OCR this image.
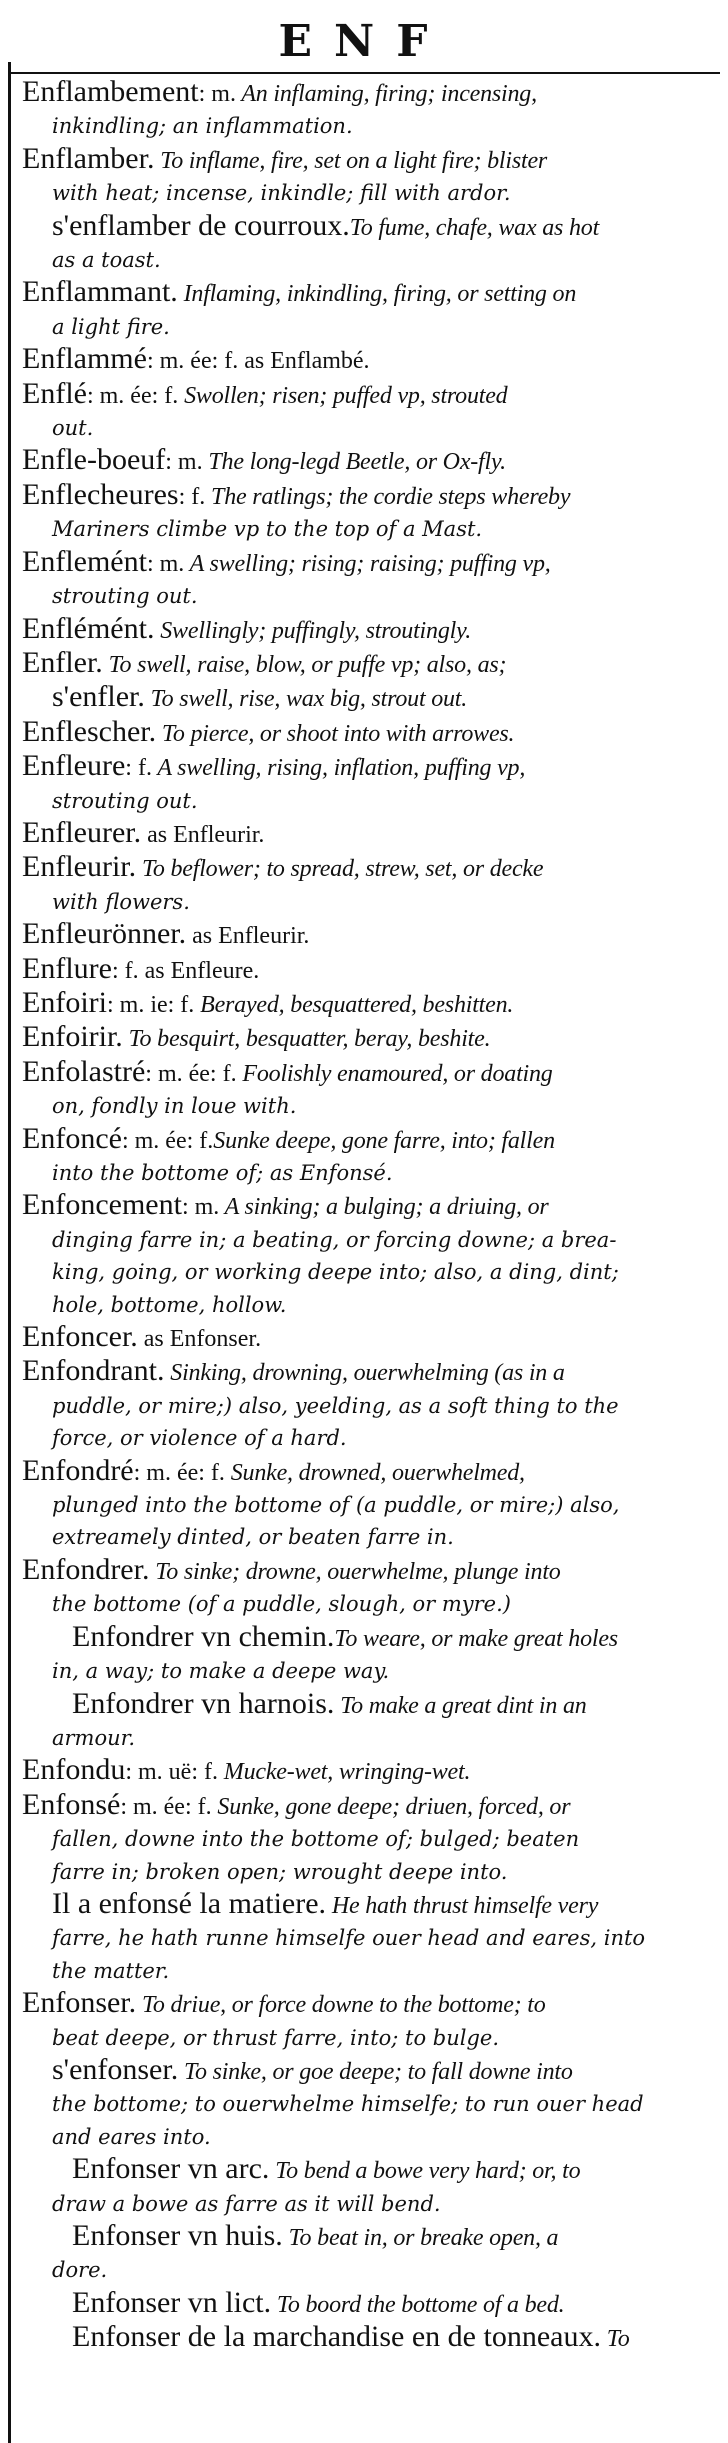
ENF
Enflambement: m. An inflaming, firing; incensing,
inkindling; an inflammation.
Enflamber. To inflame, fire, set on a light fire; blister
with heat; incense, inkindle; fill with ardor.
s'enflamber de courroux.To fume, chafe, wax as hot
as a toast.
Enflammant. Inflaming, inkindling, firing, or setting on
a light fire.
Enflammé: m. ée: f. as Enflambé.
Enflé: m. ée: f. Swollen; risen; puffed vp, strouted
out.
Enfle-boeuf: m. The long-legd Beetle, or Ox-fly.
Enflecheures: f. The ratlings; the cordie steps whereby
Mariners climbe vp to the top of a Mast.
Enflemént: m. A swelling; rising; raising; puffing vp,
strouting out.
Enflémént. Swellingly; puffingly, stroutingly.
Enfler. To swell, raise, blow, or puffe vp; also, as;
s'enfler. To swell, rise, wax big, strout out.
Enflescher. To pierce, or shoot into with arrowes.
Enfleure: f. A swelling, rising, inflation, puffing vp,
strouting out.
Enfleurer. as Enfleurir.
Enfleurir. To beflower; to spread, strew, set, or decke
with flowers.
Enfleurönner. as Enfleurir.
Enflure: f. as Enfleure.
Enfoiri: m. ie: f. Berayed, besquattered, beshitten.
Enfoirir. To besquirt, besquatter, beray, beshite.
Enfolastré: m. ée: f. Foolishly enamoured, or doating
on, fondly in loue with.
Enfoncé: m. ée: f.Sunke deepe, gone farre, into; fallen
into the bottome of; as Enfonsé.
Enfoncement: m. A sinking; a bulging; a driuing, or
dinging farre in; a beating, or forcing downe; a brea-
king, going, or working deepe into; also, a ding, dint;
hole, bottome, hollow.
Enfoncer. as Enfonser.
Enfondrant. Sinking, drowning, ouerwhelming (as in a
puddle, or mire;) also, yeelding, as a soft thing to the
force, or violence of a hard.
Enfondré: m. ée: f. Sunke, drowned, ouerwhelmed,
plunged into the bottome of (a puddle, or mire;) also,
extreamely dinted, or beaten farre in.
Enfondrer. To sinke; drowne, ouerwhelme, plunge into
the bottome (of a puddle, slough, or myre.)
Enfondrer vn chemin.To weare, or make great holes
in, a way; to make a deepe way.
Enfondrer vn harnois. To make a great dint in an
armour.
Enfondu: m. uë: f. Mucke-wet, wringing-wet.
Enfonsé: m. ée: f. Sunke, gone deepe; driuen, forced, or
fallen, downe into the bottome of; bulged; beaten
farre in; broken open; wrought deepe into.
Il a enfonsé la matiere. He hath thrust himselfe very
farre, he hath runne himselfe ouer head and eares, into
the matter.
Enfonser. To driue, or force downe to the bottome; to
beat deepe, or thrust farre, into; to bulge.
s'enfonser. To sinke, or goe deepe; to fall downe into
the bottome; to ouerwhelme himselfe; to run ouer head
and eares into.
Enfonser vn arc. To bend a bowe very hard; or, to
draw a bowe as farre as it will bend.
Enfonser vn huis. To beat in, or breake open, a
dore.
Enfonser vn lict. To boord the bottome of a bed.
Enfonser de la marchandise en de tonneaux. To
